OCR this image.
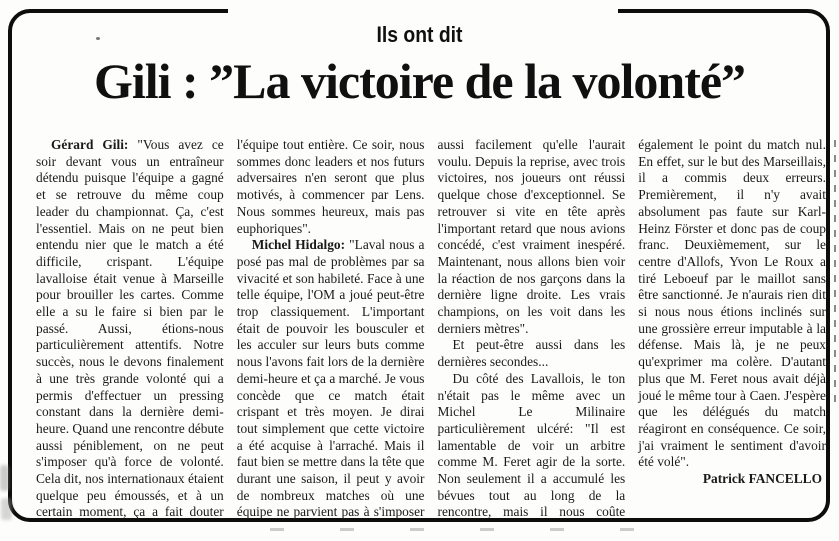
Gérard Gili: "Vous avez ce soir devant vous un entraîneur détendu puisque l'équipe a gagné et se retrouve du même coup leader du championnat. Ça, c'est l'essentiel. Mais on ne peut bien entendu nier que le match a été difficile, crispant. L'équipe lavalloise était venue à Marseille pour brouiller les cartes. Comme elle a su le faire si bien par le passé. Aussi, étions-nous particulièrement attentifs. Notre succès, nous le devons finalement à une très grande volonté qui a permis d'effectuer un pressing constant dans la dernière demi-heure. Quand une rencontre débute aussi péniblement, on ne peut s'imposer qu'à force de volonté. Cela dit, nos internationaux étaient quelque peu émoussés, et à un certain moment, ça a fait douter l'équipe tout entière. Ce soir, nous sommes donc leaders et nos futurs adversaires n'en seront que plus motivés, à commencer par Lens. Nous sommes heureux, mais pas euphoriques".

Michel Hidalgo: "Laval nous a posé pas mal de problèmes par sa vivacité et son habileté. Face à une telle équipe, l'OM a joué peut-être trop classiquement. L'important était de pouvoir les bousculer et les acculer sur leurs buts comme nous l'avons fait lors de la dernière demi-heure et ça a marché. Je vous concède que ce match était crispant et très moyen. Je dirai tout simplement que cette victoire a été acquise à l'arraché. Mais il faut bien se mettre dans la tête que durant une saison, il peut y avoir de nombreux matches où une équipe ne parvient pas à s'imposer aussi facilement qu'elle l'aurait voulu. Depuis la reprise, avec trois victoires, nos joueurs ont réussi quelque chose d'exceptionnel. Se retrouver si vite en tête après l'important retard que nous avions concédé, c'est vraiment inespéré. Maintenant, nous allons bien voir la réaction de nos garçons dans la dernière ligne droite. Les vrais champions, on les voit dans les derniers mètres".

Et peut-être aussi dans les dernières secondes...

Du côté des Lavallois, le ton n'était pas le même avec un Michel Le Milinaire particulièrement ulcéré: "Il est lamentable de voir un arbitre comme M. Feret agir de la sorte. Non seulement il a accumulé les bévues tout au long de la rencontre, mais il nous coûte également le point du match nul. En effet, sur le but des Marseillais, il a commis deux erreurs. Premièrement, il n'y avait absolument pas faute sur Karl-Heinz Förster et donc pas de coup franc. Deuxièmement, sur le centre d'Allofs, Yvon Le Roux a tiré Leboeuf par le maillot sans être sanctionné. Je n'aurais rien dit si nous nous étions inclinés sur une grossière erreur imputable à la défense. Mais là, je ne peux qu'exprimer ma colère. D'autant plus que M. Feret nous avait déjà joué le même tour à Caen. J'espère que les délégués du match réagiront en conséquence. Ce soir, j'ai vraiment le sentiment d'avoir été volé".

Patrick FANCELLO

Ils ont dit
Gili : ”La victoire de la volonté”
